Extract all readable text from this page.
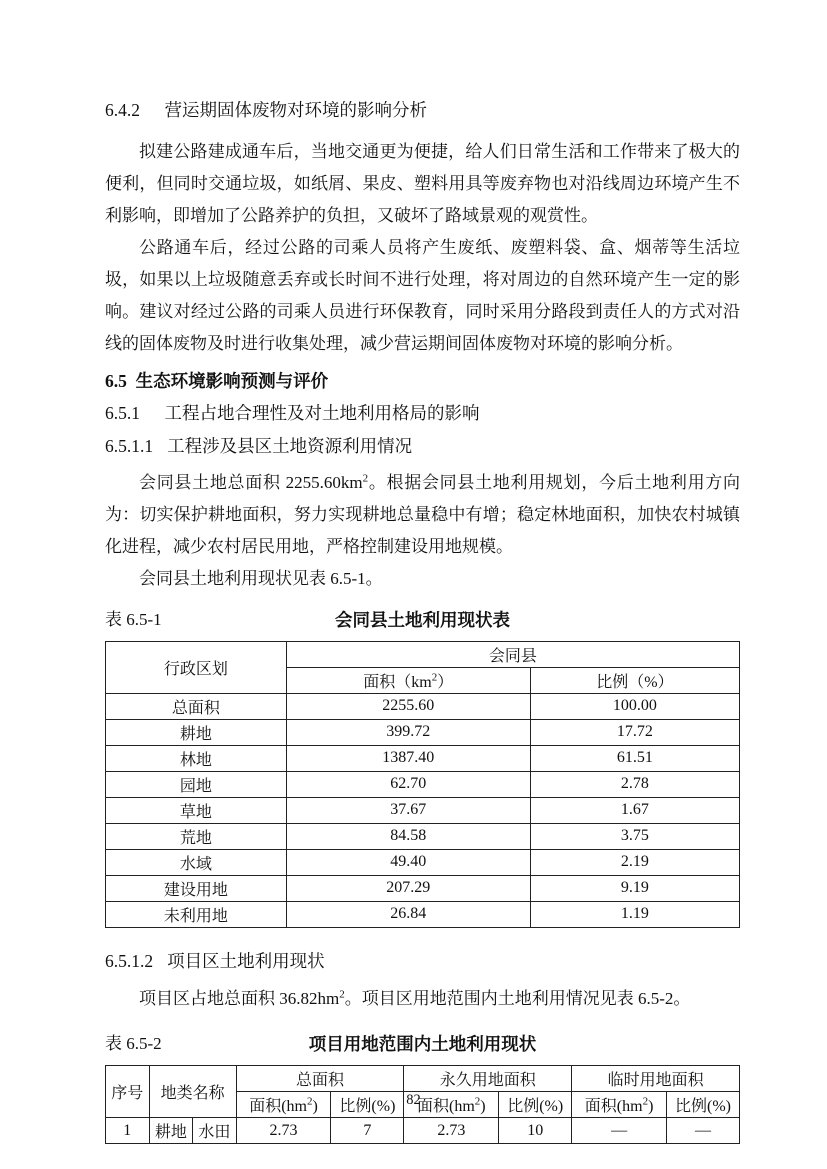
6.4.2 营运期固体废物对环境的影响分析

拟建公路建成通车后，当地交通更为便捷，给人们日常生活和工作带来了极大的便利，但同时交通垃圾，如纸屑、果皮、塑料用具等废弃物也对沿线周边环境产生不利影响，即增加了公路养护的负担，又破坏了路域景观的观赏性。

公路通车后，经过公路的司乘人员将产生废纸、废塑料袋、盒、烟蒂等生活垃圾，如果以上垃圾随意丢弃或长时间不进行处理，将对周边的自然环境产生一定的影响。建议对经过公路的司乘人员进行环保教育，同时采用分路段到责任人的方式对沿线的固体废物及时进行收集处理，减少营运期间固体废物对环境的影响分析。

6.5 生态环境影响预测与评价
6.5.1 工程占地合理性及对土地利用格局的影响
6.5.1.1 工程涉及县区土地资源利用情况

会同县土地总面积 $2255.60km^2$。根据会同县土地利用规划，今后土地利用方向为：切实保护耕地面积，努力实现耕地总量稳中有增；稳定林地面积，加快农村城镇化进程，减少农村居民用地，严格控制建设用地规模。

会同县土地利用现状见表 6.5-1。

表 6.5-1	会同县土地利用现状表
行政区划	会同县	
	面积$(km^2)$	比例（%）
总面积	2255.60	100.00
耕地	399.72	17.72
林地	1387.40	61.51
园地	62.70	2.78
草地	37.67	1.67
荒地	84.58	3.75
水域	49.40	2.19
建设用地	207.29	9.19
未利用地	26.84	1.19
6.5.1.2 项目区土地利用现状

项目区占地总面积 $36.82hm^2$。项目区用地范围内土地利用情况见表 6.5-2。

表 6.5-2	项目用地范围内土地利用现状
序号	地类名称		总面积		永久用地面积		临时用地面积	
			面积$(hm^2)$	比例(%)	面积$(hm^2)$	比例(%)	面积$(hm^2)$	比例(%)
1	耕地	水田	2.73	7	2.73	10	—	—
82
